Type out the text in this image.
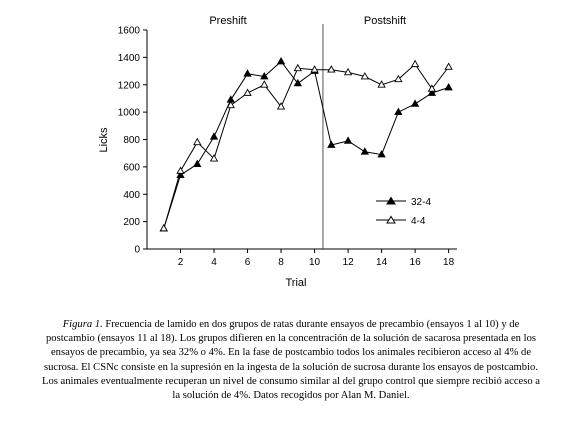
0
200
400
600
800
1000
1200
1400
1600
2	4	6	8	10 12 14 16 18
Preshift	Postshift
Licks
Trial
32-4
4-4
Figura 1. Frecuencia de lamido en dos grupos de ratas durante ensayos de precambio (ensayos 1 al 10) y de postcambio (ensayos 11 al 18). Los grupos difieren en la concentración de la solución de sacarosa presentada en los ensayos de precambio, ya sea 32% o 4%. En la fase de postcambio todos los animales recibieron acceso al 4% de sucrosa. El CSNc consiste en la supresión en la ingesta de la solución de sucrosa durante los ensayos de postcambio. Los animales eventualmente recuperan un nivel de consumo similar al del grupo control que siempre recibió acceso a la solución de 4%. Datos recogidos por Alan M. Daniel.
